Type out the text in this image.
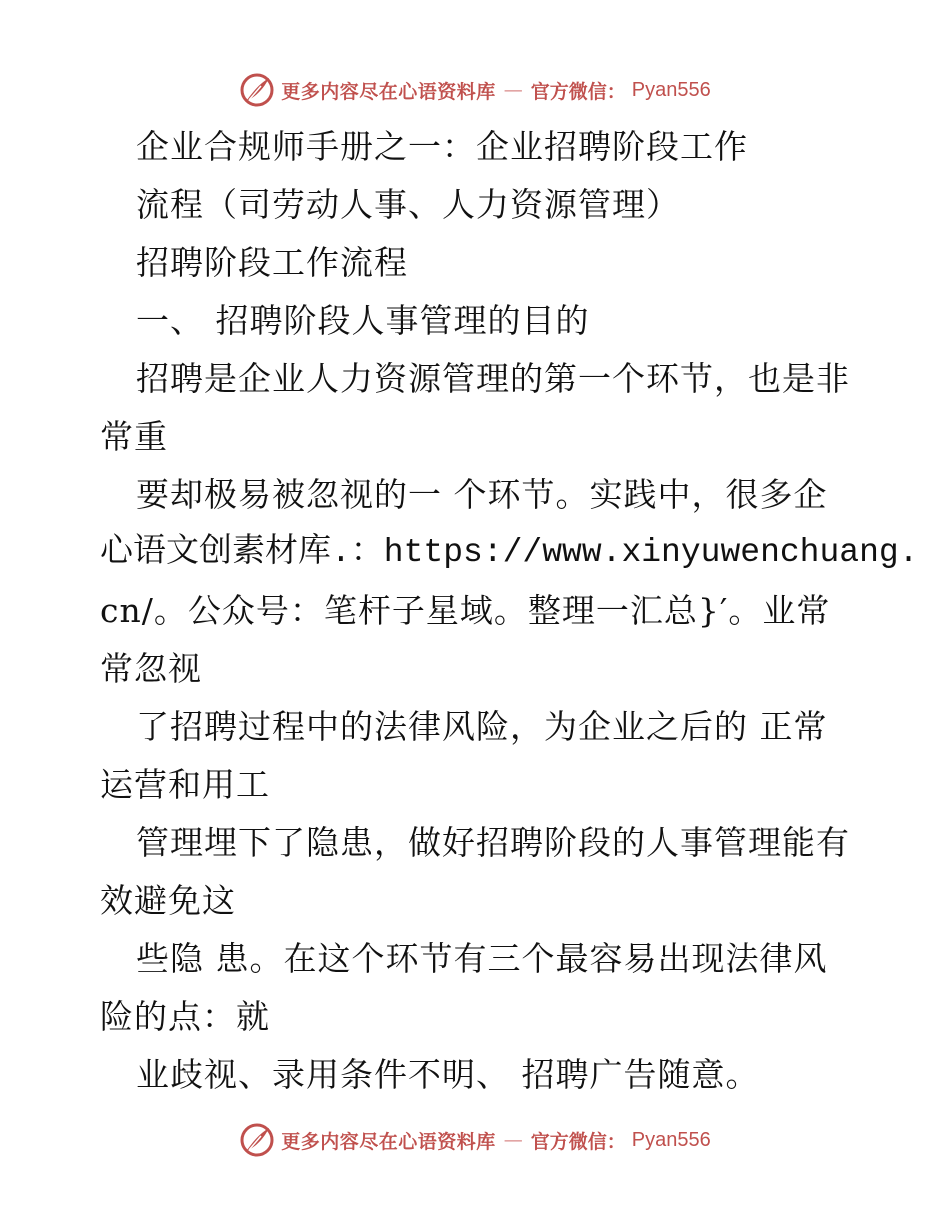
更多内容尽在心语资料库 — 官方微信： Pyan556
企业合规师手册之一：企业招聘阶段工作
流程（司劳动人事、人力资源管理）
招聘阶段工作流程
一、 招聘阶段人事管理的目的
招聘是企业人力资源管理的第一个环节，也是非
常重
要却极易被忽视的一 个环节。实践中，很多企
心语文创素材库.：https://www.xinyuwenchuang.
cn/。公众号：笔杆子星域。整理一汇总}′。业常
常忽视
了招聘过程中的法律风险，为企业之后的 正常
运营和用工
管理埋下了隐患，做好招聘阶段的人事管理能有
效避免这
些隐 患。在这个环节有三个最容易出现法律风
险的点：就
业歧视、录用条件不明、 招聘广告随意。
更多内容尽在心语资料库 — 官方微信： Pyan556
